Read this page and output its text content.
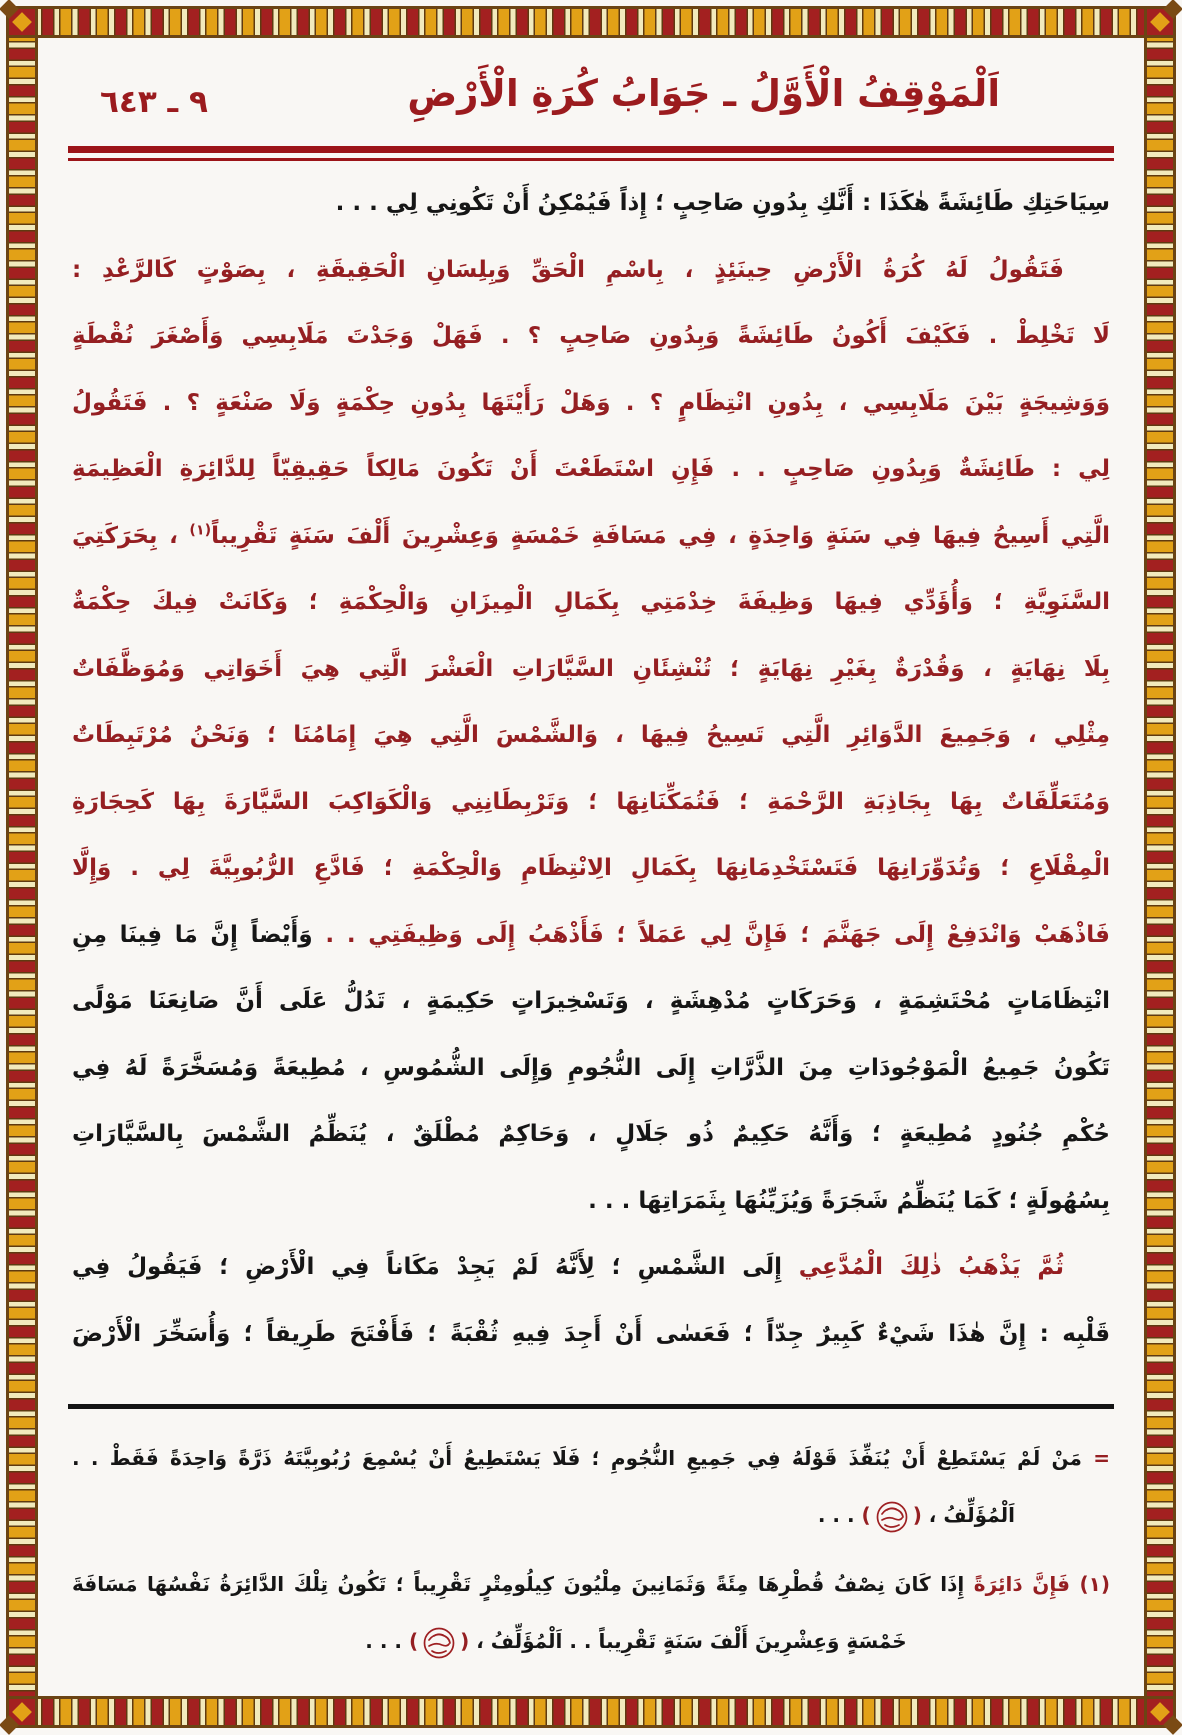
اَلْمَوْقِفُ الْأَوَّلُ ـ جَوَابُ كُرَةِ الْأَرْضِ
٩ ـ ٦٤٣
سِيَاحَتِكِ طَائِشَةً هٰكَذَا : أَنَّكِ بِدُونِ صَاحِبٍ ؛ إِذاً فَيُمْكِنُ أَنْ تَكُونِي لِي . . .
فَتَقُولُ لَهُ كُرَةُ الْأَرْضِ حِينَئِذٍ ، بِاسْمِ الْحَقِّ وَبِلِسَانِ الْحَقِيقَةِ ، بِصَوْتٍ كَالرَّعْدِ :
لَا تَخْلِطْ . فَكَيْفَ أَكُونُ طَائِشَةً وَبِدُونِ صَاحِبٍ ؟ . فَهَلْ وَجَدْتَ مَلَابِسِي وَأَصْغَرَ نُقْطَةٍ
وَوَشِيجَةٍ بَيْنَ مَلَابِسِي ، بِدُونِ انْتِظَامٍ ؟ . وَهَلْ رَأَيْتَهَا بِدُونِ حِكْمَةٍ وَلَا صَنْعَةٍ ؟ . فَتَقُولُ
لِي : طَائِشَةٌ وَبِدُونِ صَاحِبٍ . . فَإِنِ اسْتَطَعْتَ أَنْ تَكُونَ مَالِكاً حَقِيقِيّاً لِلدَّائِرَةِ الْعَظِيمَةِ
الَّتِي أَسِيحُ فِيهَا فِي سَنَةٍ وَاحِدَةٍ ، فِي مَسَافَةِ خَمْسَةٍ وَعِشْرِينَ أَلْفَ سَنَةٍ تَقْرِيباً$^{(١)}$ ، بِحَرَكَتِيَ
السَّنَوِيَّةِ ؛ وَأُؤَدِّي فِيهَا وَظِيفَةَ خِدْمَتِي بِكَمَالِ الْمِيزَانِ وَالْحِكْمَةِ ؛ وَكَانَتْ فِيكَ حِكْمَةٌ
بِلَا نِهَايَةٍ ، وَقُدْرَةٌ بِغَيْرِ نِهَايَةٍ ؛ تُنْشِئَانِ السَّيَّارَاتِ الْعَشْرَ الَّتِي هِيَ أَخَوَاتِي وَمُوَظَّفَاتٌ
مِثْلِي ، وَجَمِيعَ الدَّوَائِرِ الَّتِي تَسِيحُ فِيهَا ، وَالشَّمْسَ الَّتِي هِيَ إِمَامُنَا ؛ وَنَحْنُ مُرْتَبِطَاتٌ
وَمُتَعَلِّقَاتٌ بِهَا بِجَاذِبَةِ الرَّحْمَةِ ؛ فَتُمَكِّنَانِهَا ؛ وَتَرْبِطَانِنِي وَالْكَوَاكِبَ السَّيَّارَةَ بِهَا كَحِجَارَةِ
الْمِقْلَاعِ ؛ وَتُدَوِّرَانِهَا فَتَسْتَخْدِمَانِهَا بِكَمَالِ الِانْتِظَامِ وَالْحِكْمَةِ ؛ فَادَّعِ الرُّبُوبِيَّةَ لِي . وَإِلَّا
فَاذْهَبْ وَانْدَفِعْ إِلَى جَهَنَّمَ ؛ فَإِنَّ لِي عَمَلاً ؛ فَأَذْهَبُ إِلَى وَظِيفَتِي . . وَأَيْضاً إِنَّ مَا فِينَا مِنِ
انْتِظَامَاتٍ مُحْتَشِمَةٍ ، وَحَرَكَاتٍ مُدْهِشَةٍ ، وَتَسْخِيرَاتٍ حَكِيمَةٍ ، تَدُلُّ عَلَى أَنَّ صَانِعَنَا مَوْلًى
تَكُونُ جَمِيعُ الْمَوْجُودَاتِ مِنَ الذَّرَّاتِ إِلَى النُّجُومِ وَإِلَى الشُّمُوسِ ، مُطِيعَةً وَمُسَخَّرَةً لَهُ فِي
حُكْمِ جُنُودٍ مُطِيعَةٍ ؛ وَأَنَّهُ حَكِيمٌ ذُو جَلَالٍ ، وَحَاكِمٌ مُطْلَقٌ ، يُنَظِّمُ الشَّمْسَ بِالسَّيَّارَاتِ
بِسُهُولَةٍ ؛ كَمَا يُنَظِّمُ شَجَرَةً وَيُزَيِّنُهَا بِثَمَرَاتِهَا . . .
ثُمَّ يَذْهَبُ ذٰلِكَ الْمُدَّعِي إِلَى الشَّمْسِ ؛ لِأَنَّهُ لَمْ يَجِدْ مَكَاناً فِي الْأَرْضِ ؛ فَيَقُولُ فِي
قَلْبِه : إِنَّ هٰذَا شَيْءٌ كَبِيرٌ جِدّاً ؛ فَعَسٰى أَنْ أَجِدَ فِيهِ ثُقْبَةً ؛ فَأَفْتَحَ طَرِيقاً ؛ وَأُسَخِّرَ الْأَرْضَ
= مَنْ لَمْ يَسْتَطِعْ أَنْ يُنَفِّذَ قَوْلَهُ فِي جَمِيعِ النُّجُومِ ؛ فَلَا يَسْتَطِيعُ أَنْ يُسْمِعَ رُبُوبِيَّتَهُ ذَرَّةً وَاحِدَةً فَقَطْ . .
اَلْمُؤَلِّفُ ، () . . .
(١) فَإِنَّ دَائِرَةً إِذَا كَانَ نِصْفُ قُطْرِهَا مِئَةً وَثَمَانِينَ مِلْيُونَ كِيلُومِتْرٍ تَقْرِيباً ؛ تَكُونُ تِلْكَ الدَّائِرَةُ نَفْسُهَا مَسَافَةَ
خَمْسَةٍ وَعِشْرِينَ أَلْفَ سَنَةٍ تَقْرِيباً . . اَلْمُؤَلِّفُ ، () . . .
